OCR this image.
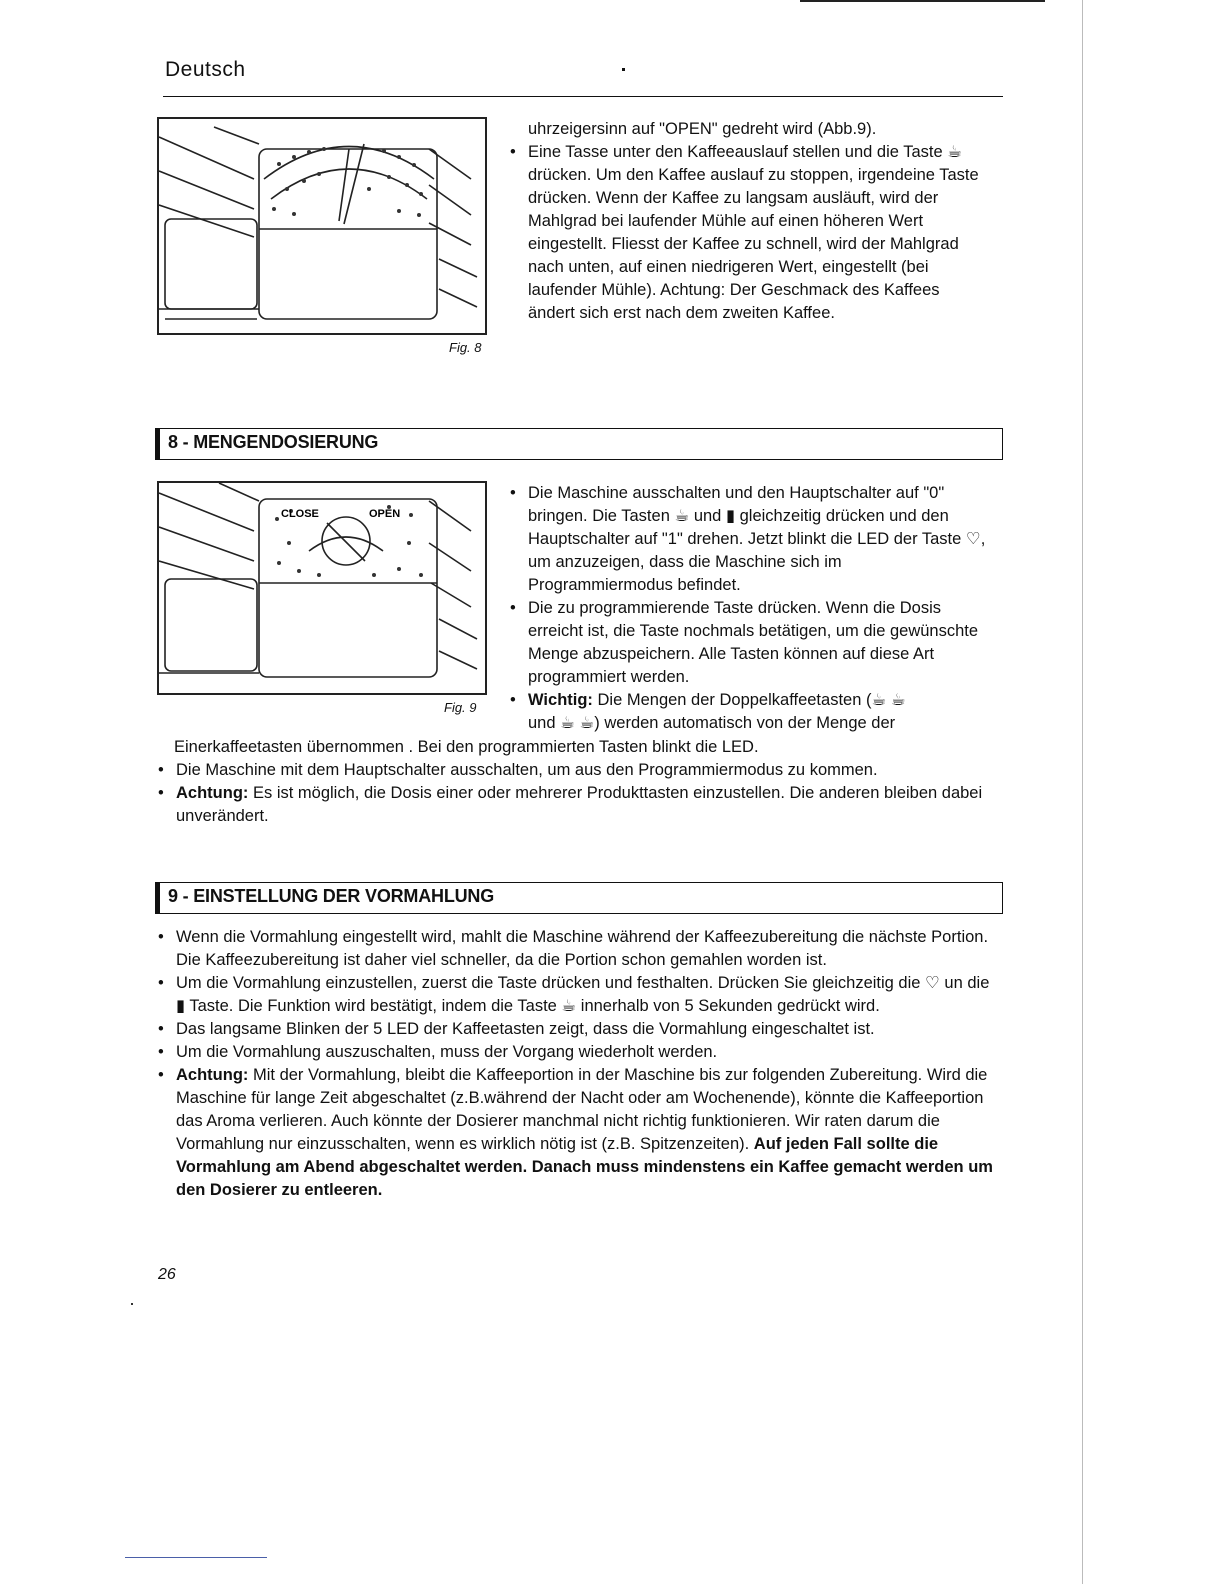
Deutsch
Fig. 8
uhrzeigersinn auf "OPEN" gedreht wird (Abb.9).
• Eine Tasse unter den Kaffeeauslauf stellen und die Taste ☕ drücken. Um den Kaffee auslauf zu stoppen, irgendeine Taste drücken. Wenn der Kaffee zu langsam ausläuft, wird der Mahlgrad bei laufender Mühle auf einen höheren Wert eingestellt. Fliesst der Kaffee zu schnell, wird der Mahlgrad nach unten, auf einen niedrigeren Wert, eingestellt (bei laufender Mühle). Achtung: Der Geschmack des Kaffees ändert sich erst nach dem zweiten Kaffee.
8 - MENGENDOSIERUNG
CLOSE	OPEN
Fig. 9
• Die Maschine ausschalten und den Hauptschalter auf "0" bringen. Die Tasten ☕ und ▮ gleichzeitig drücken und den Hauptschalter auf "1" drehen. Jetzt blinkt die LED der Taste ♡, um anzuzeigen, dass die Maschine sich im Programmiermodus befindet.
• Die zu programmierende Taste drücken. Wenn die Dosis erreicht ist, die Taste nochmals betätigen, um die gewünschte Menge abzuspeichern. Alle Tasten können auf diese Art programmiert werden.
• Wichtig: Die Mengen der Doppelkaffeetasten (☕ ☕
und ☕ ☕) werden automatisch von der Menge der
Einerkaffeetasten übernommen . Bei den programmierten Tasten blinkt die LED.
• Die Maschine mit dem Hauptschalter ausschalten, um aus den Programmiermodus zu kommen.
• Achtung: Es ist möglich, die Dosis einer oder mehrerer Produkttasten einzustellen. Die anderen bleiben dabei unverändert.
9 - EINSTELLUNG DER VORMAHLUNG
• Wenn die Vormahlung eingestellt wird, mahlt die Maschine während der Kaffeezubereitung die nächste Portion.
Die Kaffeezubereitung ist daher viel schneller, da die Portion schon gemahlen worden ist.
• Um die Vormahlung einzustellen, zuerst die Taste drücken und festhalten. Drücken Sie gleichzeitig die ♡ un die ▮ Taste. Die Funktion wird bestätigt, indem die Taste ☕ innerhalb von 5 Sekunden gedrückt wird.
• Das langsame Blinken der 5 LED der Kaffeetasten zeigt, dass die Vormahlung eingeschaltet ist.
• Um die Vormahlung auszuschalten, muss der Vorgang wiederholt werden.
• Achtung: Mit der Vormahlung, bleibt die Kaffeeportion in der Maschine bis zur folgenden Zubereitung. Wird die Maschine für lange Zeit abgeschaltet (z.B.während der Nacht oder am Wochenende), könnte die Kaffeeportion das Aroma verlieren. Auch könnte der Dosierer manchmal nicht richtig funktionieren. Wir raten darum die Vormahlung nur einzusschalten, wenn es wirklich nötig ist (z.B. Spitzenzeiten). Auf jeden Fall sollte die Vormahlung am Abend abgeschaltet werden. Danach muss mindenstens ein Kaffee gemacht werden um den Dosierer zu entleeren.
26
